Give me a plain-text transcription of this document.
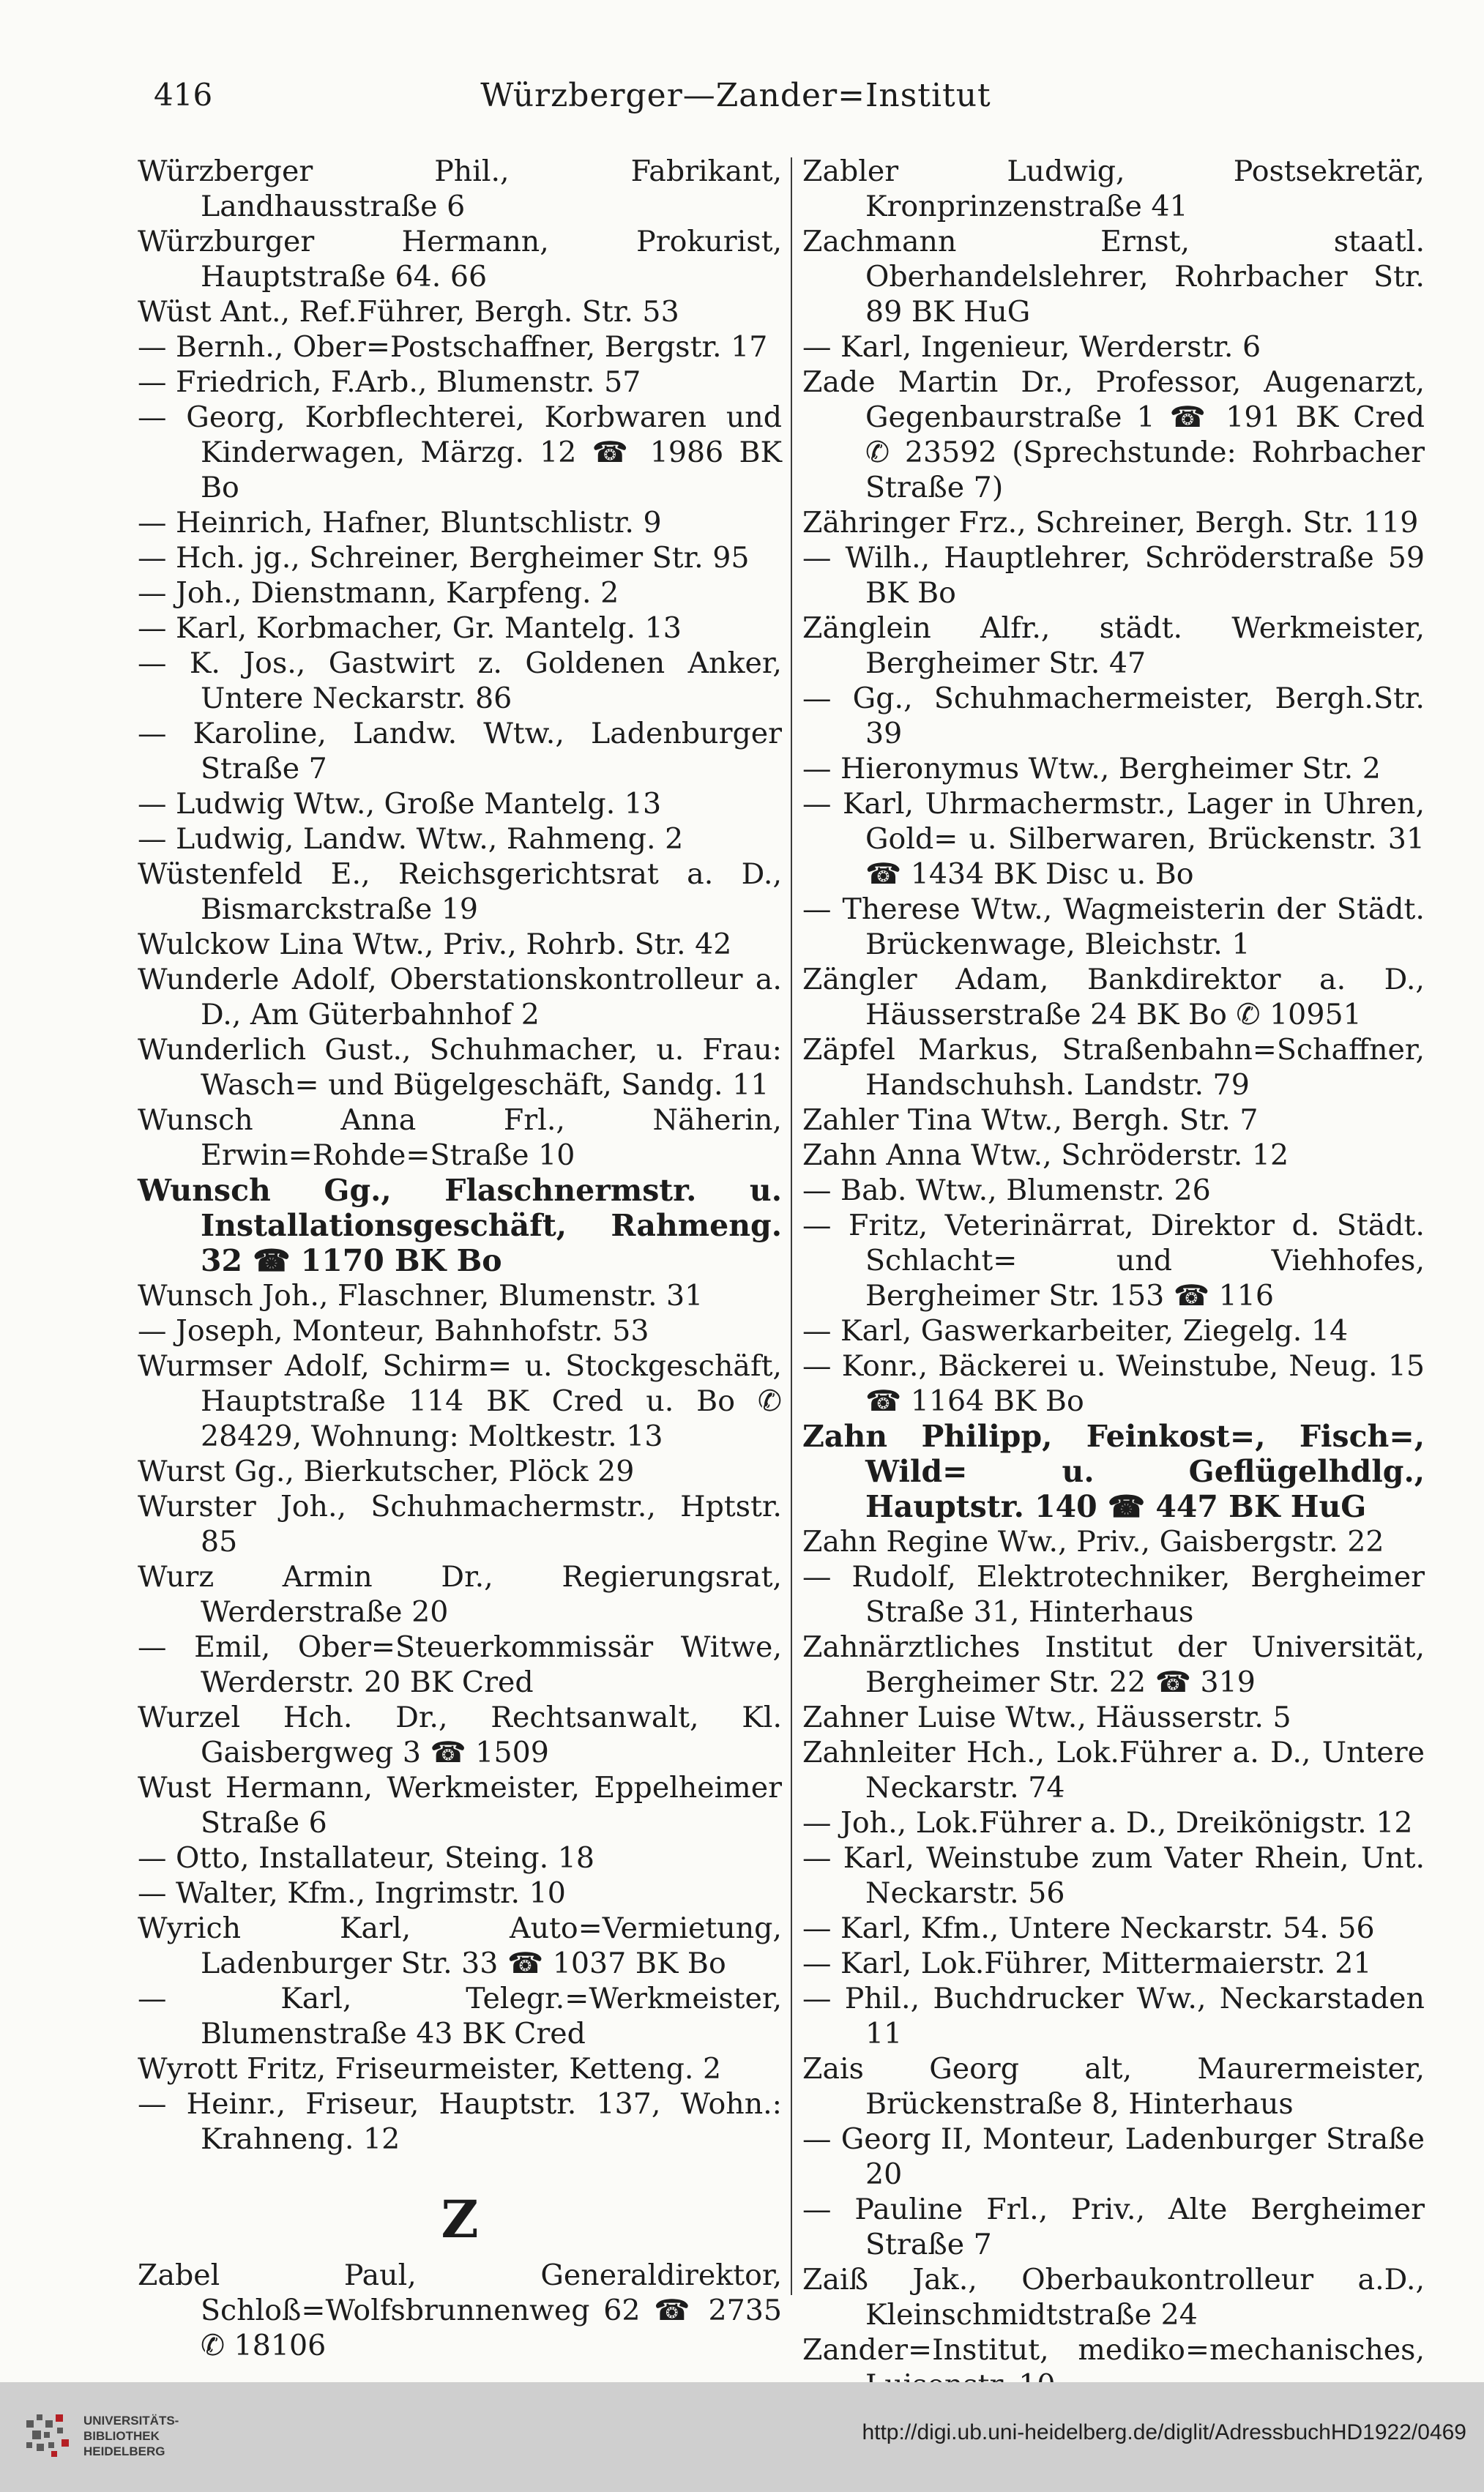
416	Würzberger—Zander=Institut
Würzberger Phil., Fabrikant, Landhausstraße 6
Würzburger Hermann, Prokurist, Hauptstraße 64. 66
Wüst Ant., Ref.Führer, Bergh. Str. 53
— Bernh., Ober=Postschaffner, Bergstr. 17
— Friedrich, F.Arb., Blumenstr. 57
— Georg, Korbflechterei, Korbwaren und Kinderwagen, Märzg. 12 ☎ 1986 BK Bo
— Heinrich, Hafner, Bluntschlistr. 9
— Hch. jg., Schreiner, Bergheimer Str. 95
— Joh., Dienstmann, Karpfeng. 2
— Karl, Korbmacher, Gr. Mantelg. 13
— K. Jos., Gastwirt z. Goldenen Anker, Untere Neckarstr. 86
— Karoline, Landw. Wtw., Ladenburger Straße 7
— Ludwig Wtw., Große Mantelg. 13
— Ludwig, Landw. Wtw., Rahmeng. 2
Wüstenfeld E., Reichsgerichtsrat a. D., Bismarckstraße 19
Wulckow Lina Wtw., Priv., Rohrb. Str. 42
Wunderle Adolf, Oberstationskontrolleur a. D., Am Güterbahnhof 2
Wunderlich Gust., Schuhmacher, u. Frau: Wasch= und Bügelgeschäft, Sandg. 11
Wunsch Anna Frl., Näherin, Erwin=Rohde=Straße 10
Wunsch Gg., Flaschnermstr. u. Installationsgeschäft, Rahmeng. 32 ☎ 1170 BK Bo
Wunsch Joh., Flaschner, Blumenstr. 31
— Joseph, Monteur, Bahnhofstr. 53
Wurmser Adolf, Schirm= u. Stockgeschäft, Hauptstraße 114 BK Cred u. Bo ✆ 28429, Wohnung: Moltkestr. 13
Wurst Gg., Bierkutscher, Plöck 29
Wurster Joh., Schuhmachermstr., Hptstr. 85
Wurz Armin Dr., Regierungsrat, Werderstraße 20
— Emil, Ober=Steuerkommissär Witwe, Werderstr. 20 BK Cred
Wurzel Hch. Dr., Rechtsanwalt, Kl. Gaisbergweg 3 ☎ 1509
Wust Hermann, Werkmeister, Eppelheimer Straße 6
— Otto, Installateur, Steing. 18
— Walter, Kfm., Ingrimstr. 10
Wyrich Karl, Auto=Vermietung, Ladenburger Str. 33 ☎ 1037 BK Bo
— Karl, Telegr.=Werkmeister, Blumenstraße 43 BK Cred
Wyrott Fritz, Friseurmeister, Ketteng. 2
— Heinr., Friseur, Hauptstr. 137, Wohn.: Krahneng. 12
Z
Zabel Paul, Generaldirektor, Schloß=Wolfsbrunnenweg 62 ☎ 2735 ✆ 18106
Zabler Ludwig, Postsekretär, Kronprinzenstraße 41
Zachmann Ernst, staatl. Oberhandelslehrer, Rohrbacher Str. 89 BK HuG
— Karl, Ingenieur, Werderstr. 6
Zade Martin Dr., Professor, Augenarzt, Gegenbaurstraße 1 ☎ 191 BK Cred ✆ 23592 (Sprechstunde: Rohrbacher Straße 7)
Zähringer Frz., Schreiner, Bergh. Str. 119
— Wilh., Hauptlehrer, Schröderstraße 59 BK Bo
Zänglein Alfr., städt. Werkmeister, Bergheimer Str. 47
— Gg., Schuhmachermeister, Bergh.Str. 39
— Hieronymus Wtw., Bergheimer Str. 2
— Karl, Uhrmachermstr., Lager in Uhren, Gold= u. Silberwaren, Brückenstr. 31 ☎ 1434 BK Disc u. Bo
— Therese Wtw., Wagmeisterin der Städt. Brückenwage, Bleichstr. 1
Zängler Adam, Bankdirektor a. D., Häusserstraße 24 BK Bo ✆ 10951
Zäpfel Markus, Straßenbahn=Schaffner, Handschuhsh. Landstr. 79
Zahler Tina Wtw., Bergh. Str. 7
Zahn Anna Wtw., Schröderstr. 12
— Bab. Wtw., Blumenstr. 26
— Fritz, Veterinärrat, Direktor d. Städt. Schlacht= und Viehhofes, Bergheimer Str. 153 ☎ 116
— Karl, Gaswerkarbeiter, Ziegelg. 14
— Konr., Bäckerei u. Weinstube, Neug. 15 ☎ 1164 BK Bo
Zahn Philipp, Feinkost=, Fisch=, Wild= u. Geflügelhdlg., Hauptstr. 140 ☎ 447 BK HuG
Zahn Regine Ww., Priv., Gaisbergstr. 22
— Rudolf, Elektrotechniker, Bergheimer Straße 31, Hinterhaus
Zahnärztliches Institut der Universität, Bergheimer Str. 22 ☎ 319
Zahner Luise Wtw., Häusserstr. 5
Zahnleiter Hch., Lok.Führer a. D., Untere Neckarstr. 74
— Joh., Lok.Führer a. D., Dreikönigstr. 12
— Karl, Weinstube zum Vater Rhein, Unt. Neckarstr. 56
— Karl, Kfm., Untere Neckarstr. 54. 56
— Karl, Lok.Führer, Mittermaierstr. 21
— Phil., Buchdrucker Ww., Neckarstaden 11
Zais Georg alt, Maurermeister, Brückenstraße 8, Hinterhaus
— Georg II, Monteur, Ladenburger Straße 20
— Pauline Frl., Priv., Alte Bergheimer Straße 7
Zaiß Jak., Oberbaukontrolleur a.D., Kleinschmidtstraße 24
Zander=Institut, mediko=mechanisches,
UNIVERSITÄTS-BIBLIOTHEK HEIDELBERG
http://digi.ub.uni-heidelberg.de/diglit/AdressbuchHD1922/0469
